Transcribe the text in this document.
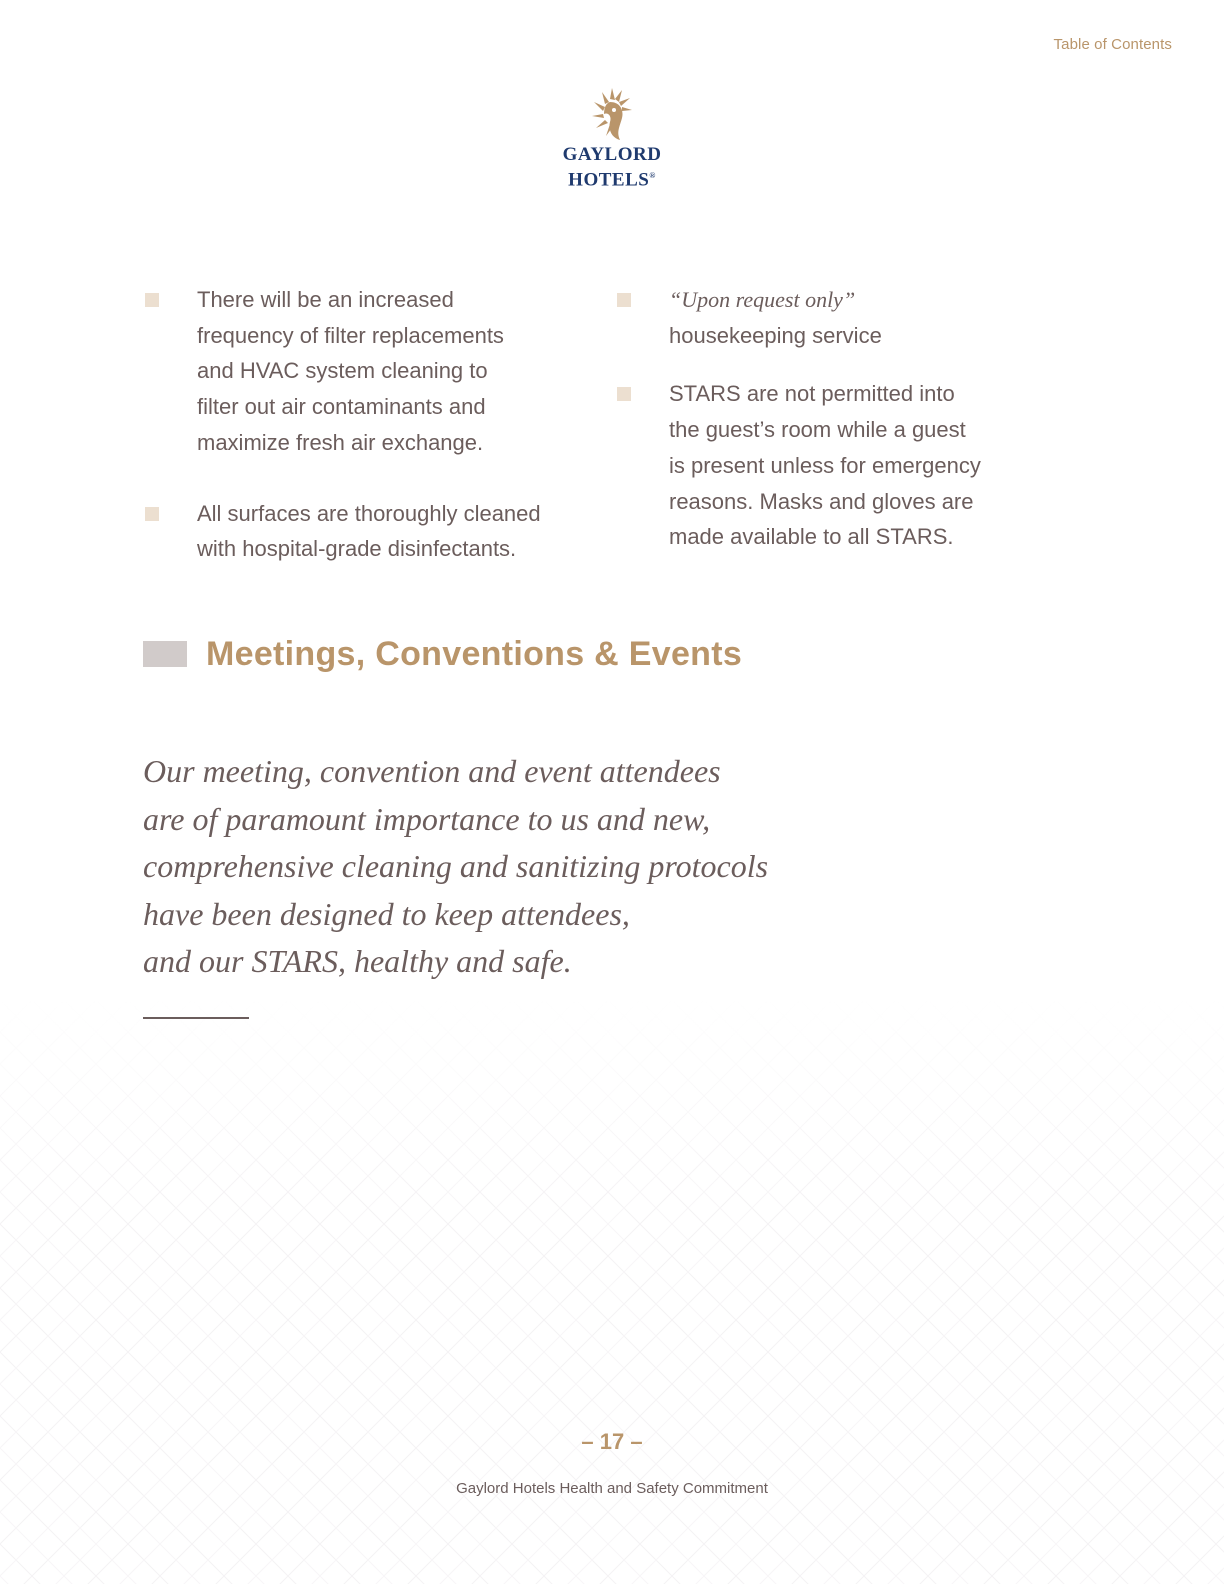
Table of Contents
GAYLORD
HOTELS®
There will be an increased
frequency of filter replacements
and HVAC system cleaning to
filter out air contaminants and
maximize fresh air exchange.
All surfaces are thoroughly cleaned
with hospital-grade disinfectants.
“Upon request only”
housekeeping service
STARS are not permitted into
the guest’s room while a guest
is present unless for emergency
reasons. Masks and gloves are
made available to all STARS.
Meetings, Conventions & Events
Our meeting, convention and event attendees
are of paramount importance to us and new,
comprehensive cleaning and sanitizing protocols
have been designed to keep attendees,
and our STARS, healthy and safe.
– 17 –
Gaylord Hotels Health and Safety Commitment
